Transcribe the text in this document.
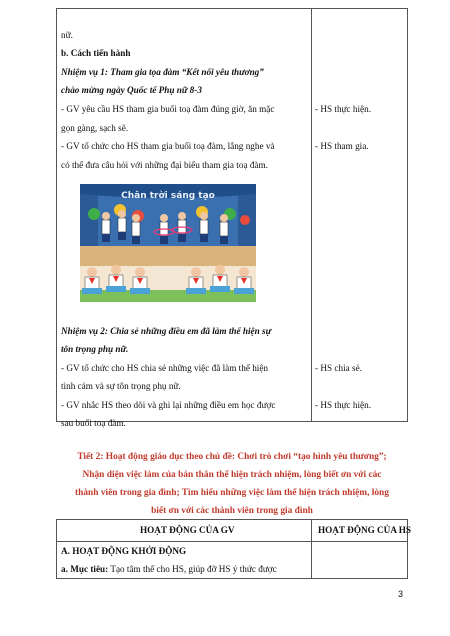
nữ.
b. Cách tiến hành
Nhiệm vụ 1: Tham gia tọa đàm “Kết nối yêu thương”
chào mừng ngày Quốc tế Phụ nữ 8-3
- GV yêu cầu HS tham gia buổi toạ đàm đúng giờ, ăn mặc
gọn gàng, sạch sẽ.
- GV tổ chức cho HS tham gia buổi toạ đàm, lắng nghe và
có thể đưa câu hỏi với những đại biểu tham gia toạ đàm.
- HS thực hiện.
- HS tham gia.
Chân trời sáng tạo
Nhiệm vụ 2: Chia sẻ những điều em đã làm thể hiện sự
tôn trọng phụ nữ.
- GV tổ chức cho HS chia sẻ những việc đã làm thể hiện
tình cảm và sự tôn trọng phụ nữ.
- GV nhắc HS theo dõi và ghi lại những điều em học được
sau buổi toạ đàm.
- HS chia sẻ.
- HS thực hiện.
Tiết 2: Hoạt động giáo dục theo chủ đề: Chơi trò chơi “tạo hình yêu thương”;
Nhận diện việc làm của bản thân thể hiện trách nhiệm, lòng biết ơn với các
thành viên trong gia đình; Tìm hiểu những việc làm thể hiện trách nhiệm, lòng
biết ơn với các thành viên trong gia đình
HOẠT ĐỘNG CỦA GV	HOẠT ĐỘNG CỦA HS
A. HOẠT ĐỘNG KHỞI ĐỘNG
a. Mục tiêu: Tạo tâm thế cho HS, giúp đỡ HS ý thức được
3
